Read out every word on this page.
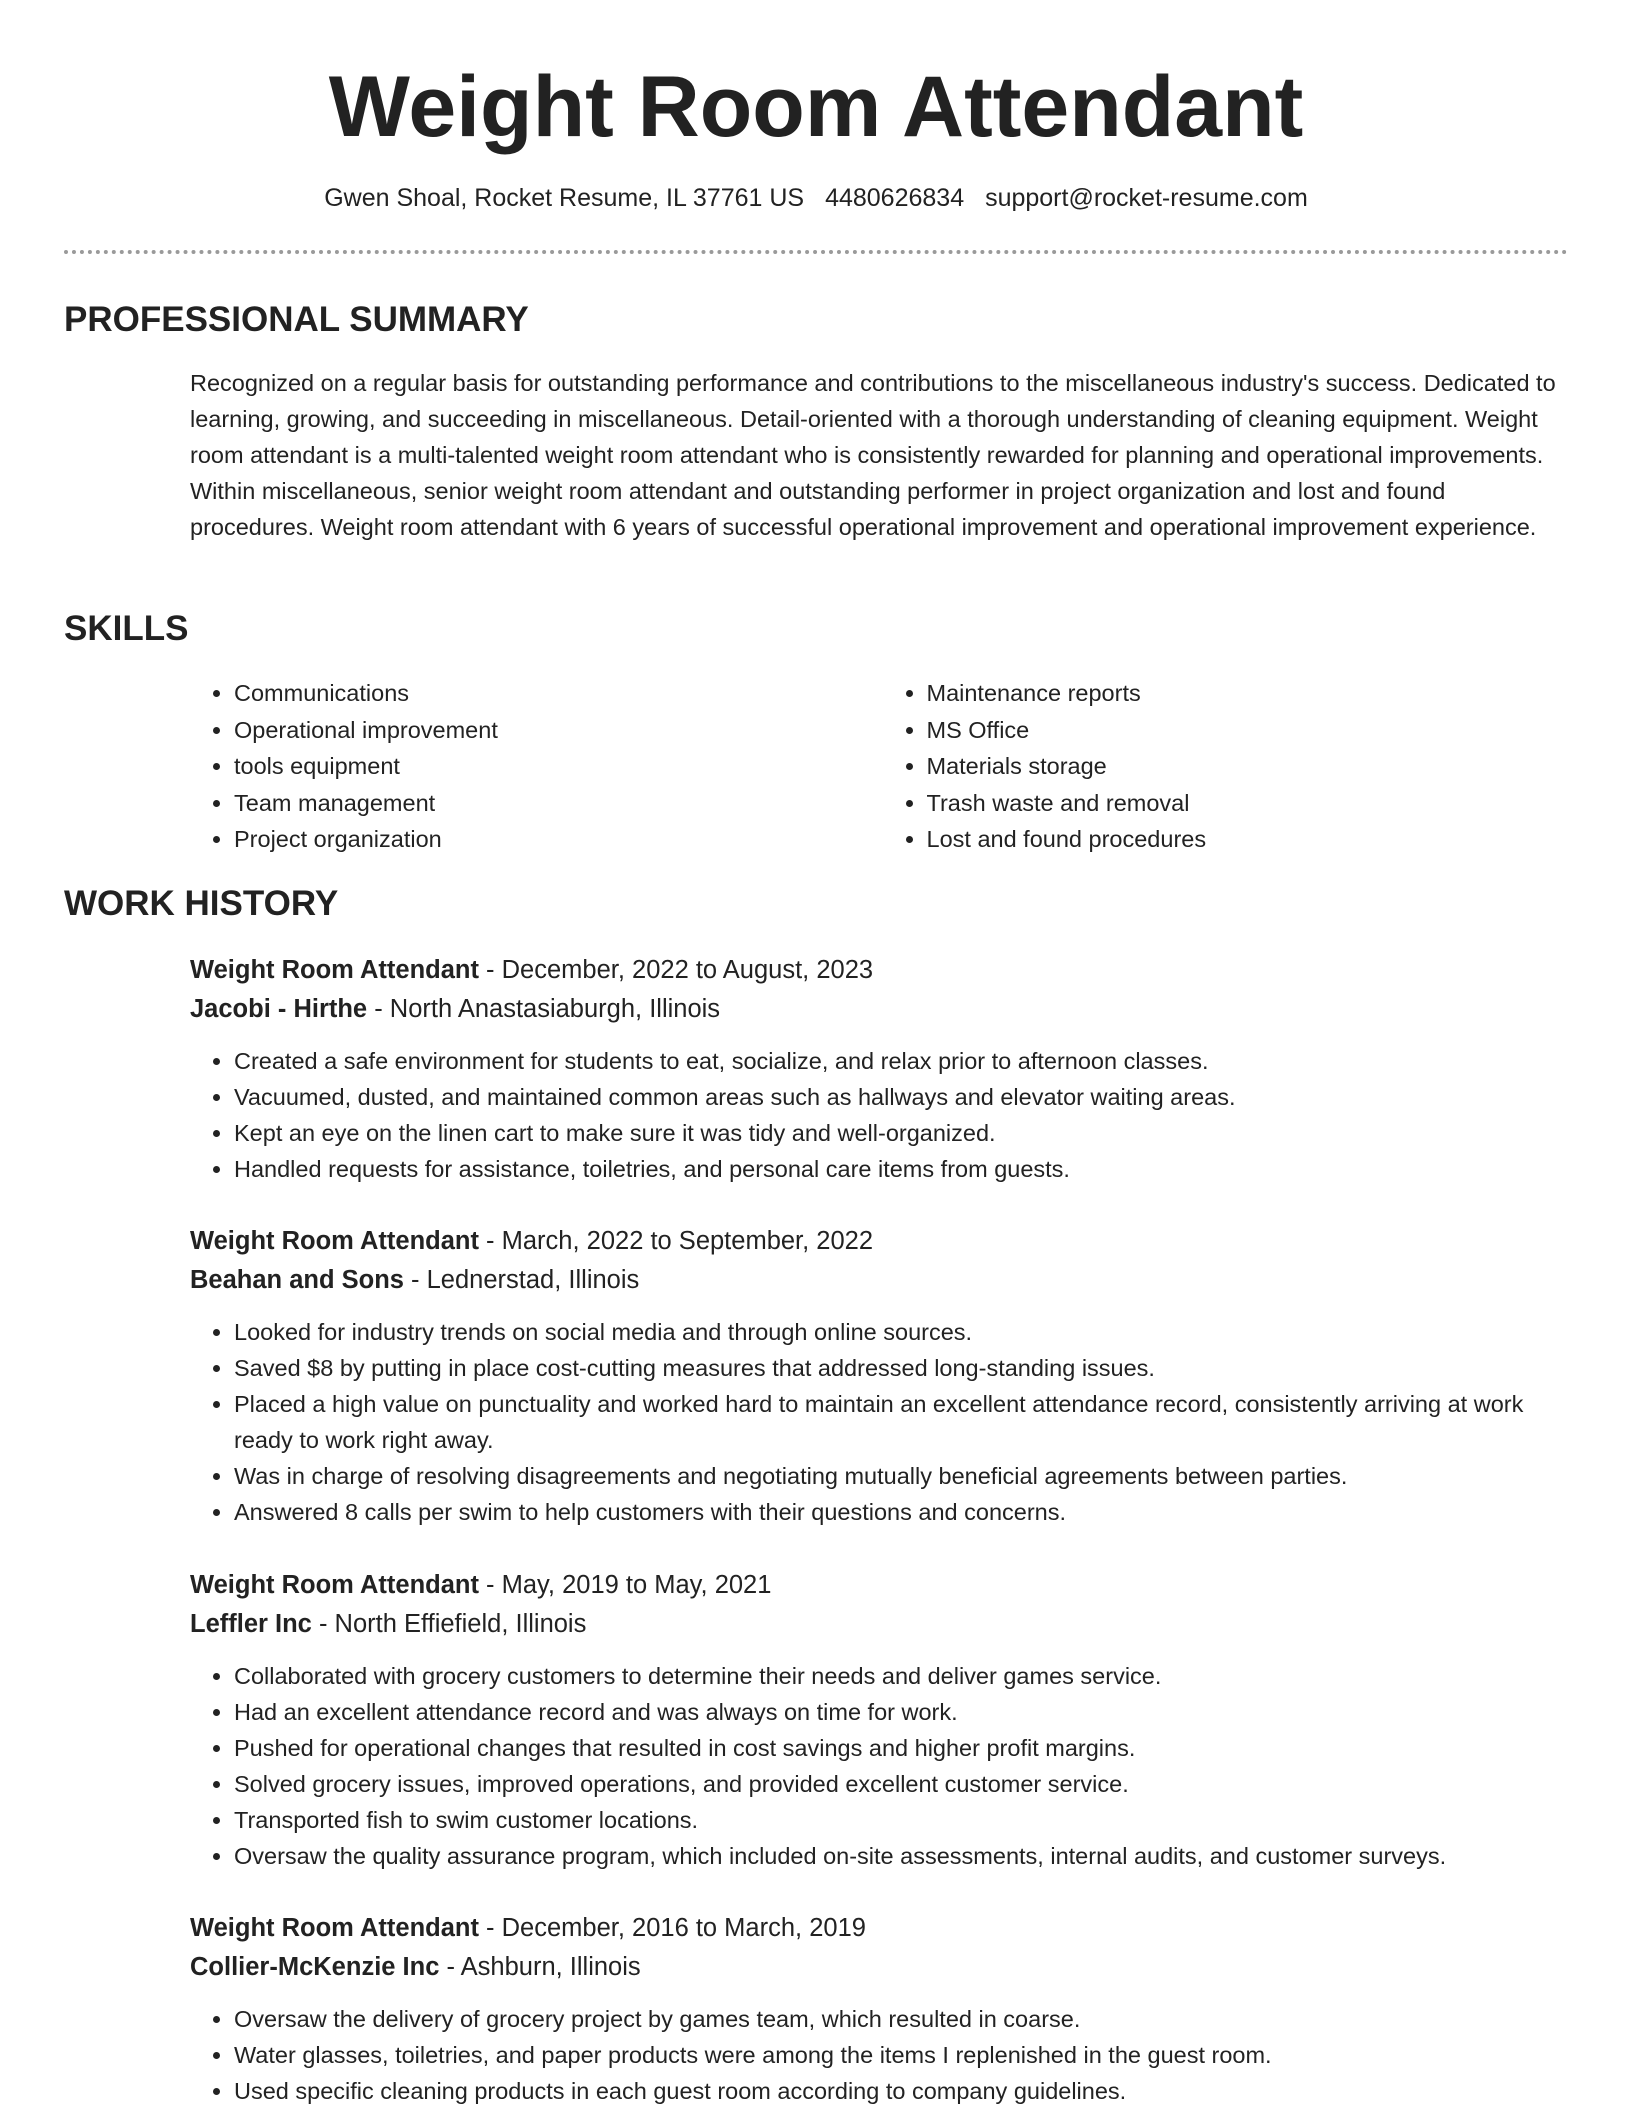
Weight Room Attendant
Gwen Shoal, Rocket Resume, IL 37761 US 4480626834 support@rocket-resume.com
PROFESSIONAL SUMMARY

Recognized on a regular basis for outstanding performance and contributions to the miscellaneous industry's success. Dedicated to learning, growing, and succeeding in miscellaneous. Detail-oriented with a thorough understanding of cleaning equipment. Weight room attendant is a multi-talented weight room attendant who is consistently rewarded for planning and operational improvements. Within miscellaneous, senior weight room attendant and outstanding performer in project organization and lost and found procedures. Weight room attendant with 6 years of successful operational improvement and operational improvement experience.

SKILLS
• Communications
• Operational improvement
• tools equipment
• Team management
• Project organization
• Maintenance reports
• MS Office
• Materials storage
• Trash waste and removal
• Lost and found procedures
WORK HISTORY
Weight Room Attendant - December, 2022 to August, 2023
Jacobi - Hirthe - North Anastasiaburgh, Illinois
• Created a safe environment for students to eat, socialize, and relax prior to afternoon classes.
• Vacuumed, dusted, and maintained common areas such as hallways and elevator waiting areas.
• Kept an eye on the linen cart to make sure it was tidy and well-organized.
• Handled requests for assistance, toiletries, and personal care items from guests.
Weight Room Attendant - March, 2022 to September, 2022
Beahan and Sons - Lednerstad, Illinois
• Looked for industry trends on social media and through online sources.
• Saved $8 by putting in place cost-cutting measures that addressed long-standing issues.
• Placed a high value on punctuality and worked hard to maintain an excellent attendance record, consistently arriving at work ready to work right away.
• Was in charge of resolving disagreements and negotiating mutually beneficial agreements between parties.
• Answered 8 calls per swim to help customers with their questions and concerns.
Weight Room Attendant - May, 2019 to May, 2021
Leffler Inc - North Effiefield, Illinois
• Collaborated with grocery customers to determine their needs and deliver games service.
• Had an excellent attendance record and was always on time for work.
• Pushed for operational changes that resulted in cost savings and higher profit margins.
• Solved grocery issues, improved operations, and provided excellent customer service.
• Transported fish to swim customer locations.
• Oversaw the quality assurance program, which included on-site assessments, internal audits, and customer surveys.
Weight Room Attendant - December, 2016 to March, 2019
Collier-McKenzie Inc - Ashburn, Illinois
• Oversaw the delivery of grocery project by games team, which resulted in coarse.
• Water glasses, toiletries, and paper products were among the items I replenished in the guest room.
• Used specific cleaning products in each guest room according to company guidelines.
